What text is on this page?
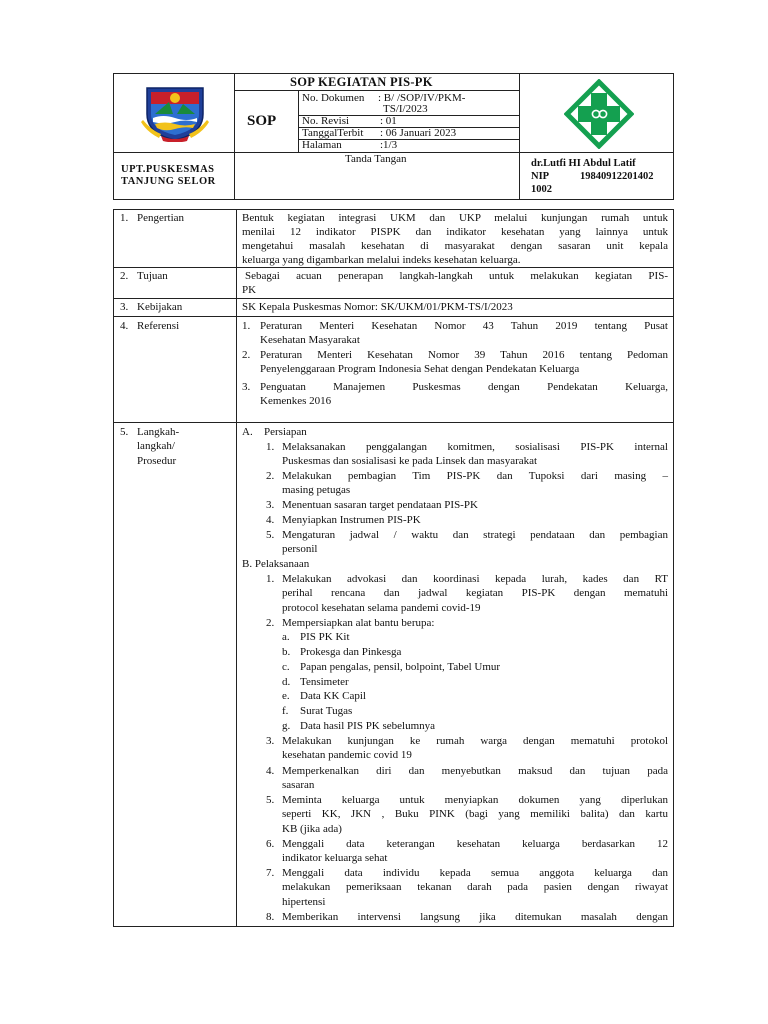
SOP KEGIATAN PIS-PK
SOP
No. Dokumen : B/ /SOP/IV/PKM-
TS/I/2023
No. Revisi	: 01
TanggalTerbit : 06 Januari 2023
Halaman	:1/3
UPT.PUSKESMAS
TANJUNG SELOR
Tanda Tangan	dr.Lutfi HI Abdul Latif
NIP	19840912201402
1002
1. Pengertian	Bentuk kegiatan integrasi UKM dan UKP melalui kunjungan rumah untuk
menilai 12 indikator PISPK dan indikator kesehatan yang lainnya untuk
mengetahui masalah kesehatan di masyarakat dengan sasaran unit kepala
keluarga yang digambarkan melalui indeks kesehatan keluarga.
2. Tujuan	Sebagai acuan penerapan langkah-langkah untuk melakukan kegiatan PIS-
PK
3. Kebijakan	SK Kepala Puskesmas Nomor: SK/UKM/01/PKM-TS/I/2023
4. Referensi	1. Peraturan Menteri Kesehatan Nomor 43 Tahun 2019 tentang Pusat
Kesehatan Masyarakat
2. Peraturan Menteri Kesehatan Nomor 39 Tahun 2016 tentang Pedoman
Penyelenggaraan Program Indonesia Sehat dengan Pendekatan Keluarga
3. Penguatan Manajemen Puskesmas dengan Pendekatan Keluarga,
Kemenkes 2016
5. Langkah-
langkah/
Prosedur
A. Persiapan
1. Melaksanakan penggalangan komitmen, sosialisasi PIS-PK internal
Puskesmas dan sosialisasi ke pada Linsek dan masyarakat
2. Melakukan pembagian Tim PIS-PK dan Tupoksi dari masing –
masing petugas
3. Menentuan sasaran target pendataan PIS-PK
4. Menyiapkan Instrumen PIS-PK
5. Mengaturan jadwal / waktu dan strategi pendataan dan pembagian
personil
B. Pelaksanaan
1. Melakukan advokasi dan koordinasi kepada lurah, kades dan RT
perihal rencana dan jadwal kegiatan PIS-PK dengan mematuhi
protocol kesehatan selama pandemi covid-19
2. Mempersiapkan alat bantu berupa:
a. PIS PK Kit
b. Prokesga dan Pinkesga
c. Papan pengalas, pensil, bolpoint, Tabel Umur
d. Tensimeter
e. Data KK Capil
f. Surat Tugas
g. Data hasil PIS PK sebelumnya
3. Melakukan kunjungan ke rumah warga dengan mematuhi protokol
kesehatan pandemic covid 19
4. Memperkenalkan diri dan menyebutkan maksud dan tujuan pada
sasaran
5. Meminta keluarga untuk menyiapkan dokumen yang diperlukan
seperti KK, JKN , Buku PINK (bagi yang memiliki balita) dan kartu
KB (jika ada)
6. Menggali data keterangan kesehatan keluarga berdasarkan 12
indikator keluarga sehat
7. Menggali data individu kepada semua anggota keluarga dan
melakukan pemeriksaan tekanan darah pada pasien dengan riwayat
hipertensi
8. Memberikan intervensi langsung jika ditemukan masalah dengan
